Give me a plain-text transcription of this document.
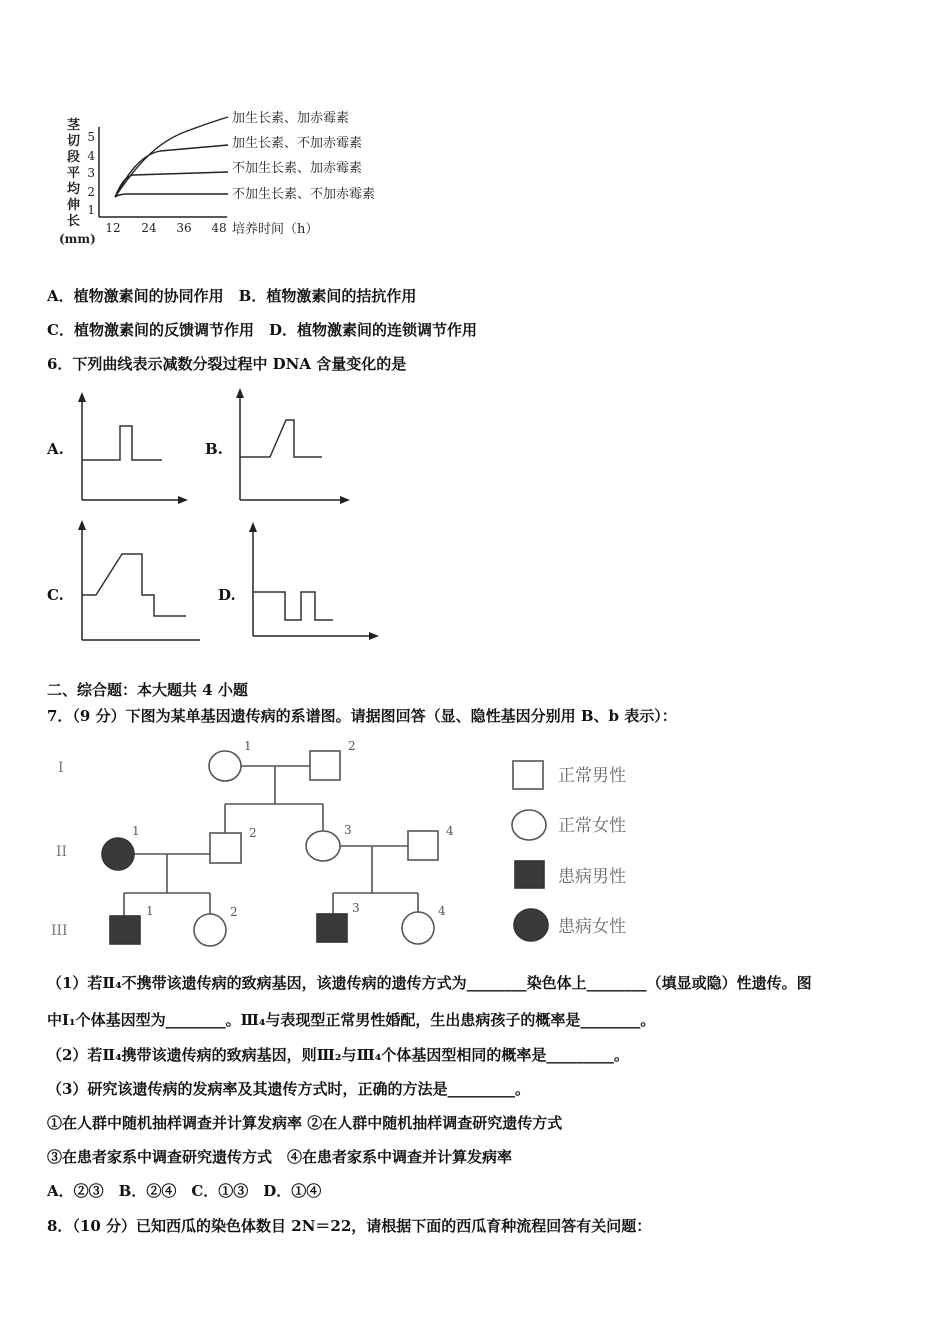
茎
切
段
平
均
伸
长
(mm)
5
4
3
2
1
12 24 36 48 培养时间（h）
加生长素、加赤霉素
加生长素、不加赤霉素
不加生长素、加赤霉素
不加生长素、不加赤霉素
A．植物激素间的协同作用　B．植物激素间的拮抗作用
C．植物激素间的反馈调节作用　D．植物激素间的连锁调节作用
6．下列曲线表示减数分裂过程中 DNA 含量变化的是
A.	B.
C.	D.
二、综合题：本大题共 4 小题
7．（9 分）下图为某单基因遗传病的系谱图。请据图回答（显、隐性基因分别用 B、b 表示）：
I
II
III
1	2
1	2	3	4
1	2	3	4
正常男性
正常女性
患病男性
患病女性
（1）若Ⅱ₄不携带该遗传病的致病基因，该遗传病的遗传方式为________染色体上________（填显或隐）性遗传。图
中Ⅰ₁个体基因型为________。Ⅲ₄与表现型正常男性婚配，生出患病孩子的概率是________。
（2）若Ⅱ₄携带该遗传病的致病基因，则Ⅲ₂与Ⅲ₄个体基因型相同的概率是_________。
（3）研究该遗传病的发病率及其遗传方式时，正确的方法是_________。
①在人群中随机抽样调查并计算发病率 ②在人群中随机抽样调查研究遗传方式
③在患者家系中调查研究遗传方式　④在患者家系中调查并计算发病率
A．②③　B．②④　C．①③　D．①④
8．（10 分）已知西瓜的染色体数目 2N＝22，请根据下面的西瓜育种流程回答有关问题：
